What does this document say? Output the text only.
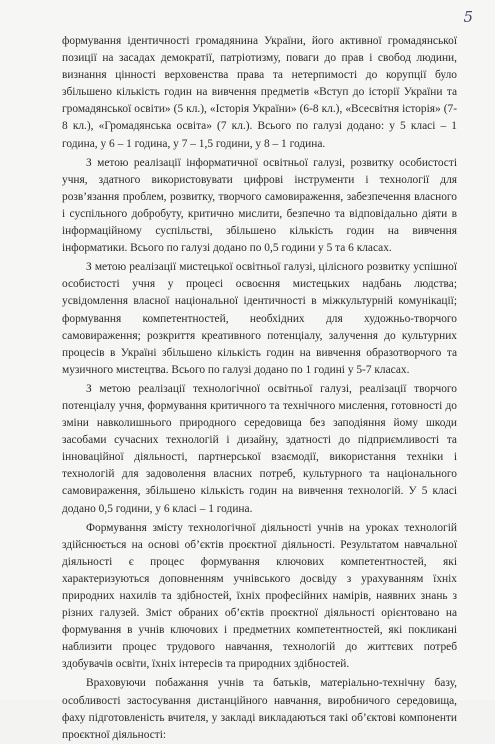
5

формування ідентичності громадянина України, його активної громадянської позиції на засадах демократії, патріотизму, поваги до прав і свобод людини, визнання цінності верховенства права та нетерпимості до корупції було збільшено кількість годин на вивчення предметів «Вступ до історії України та громадянської освіти» (5 кл.), «Історія України» (6-8 кл.), «Всесвітня історія» (7-8 кл.), «Громадянська освіта» (7 кл.). Всього по галузі додано: у 5 класі – 1 година, у 6 – 1 година, у 7 – 1,5 години, у 8 – 1 година.

З метою реалізації інформатичної освітньої галузі, розвитку особистості учня, здатного використовувати цифрові інструменти і технології для розв’язання проблем, розвитку, творчого самовираження, забезпечення власного і суспільного добробуту, критично мислити, безпечно та відповідально діяти в інформаційному суспільстві, збільшено кількість годин на вивчення інформатики. Всього по галузі додано по 0,5 години у 5 та 6 класах.

З метою реалізації мистецької освітньої галузі, цілісного розвитку успішної особистості учня у процесі освоєння мистецьких надбань людства; усвідомлення власної національної ідентичності в міжкультурній комунікації; формування компетентностей, необхідних для художньо-творчого самовираження; розкриття креативного потенціалу, залучення до культурних процесів в Україні збільшено кількість годин на вивчення образотворчого та музичного мистецтва. Всього по галузі додано по 1 годині у 5-7 класах.

З метою реалізації технологічної освітньої галузі, реалізації творчого потенціалу учня, формування критичного та технічного мислення, готовності до зміни навколишнього природного середовища без заподіяння йому шкоди засобами сучасних технологій і дизайну, здатності до підприємливості та інноваційної діяльності, партнерської взаємодії, використання техніки і технологій для задоволення власних потреб, культурного та національного самовираження, збільшено кількість годин на вивчення технологій. У 5 класі додано 0,5 години, у 6 класі – 1 година.

Формування змісту технологічної діяльності учнів на уроках технологій здійснюється на основі об’єктів проєктної діяльності. Результатом навчальної діяльності є процес формування ключових компетентностей, які характеризуються доповненням учнівського досвіду з урахуванням їхніх природних нахилів та здібностей, їхніх професійних намірів, наявних знань з різних галузей. Зміст обраних об’єктів проєктної діяльності орієнтовано на формування в учнів ключових і предметних компетентностей, які покликані наблизити процес трудового навчання, технологій до життєвих потреб здобувачів освіти, їхніх інтересів та природних здібностей.

Враховуючи побажання учнів та батьків, матеріально-технічну базу, особливості застосування дистанційного навчання, виробничого середовища, фаху підготовленість вчителя, у закладі викладаються такі об’єктові компоненти проєктної діяльності:
